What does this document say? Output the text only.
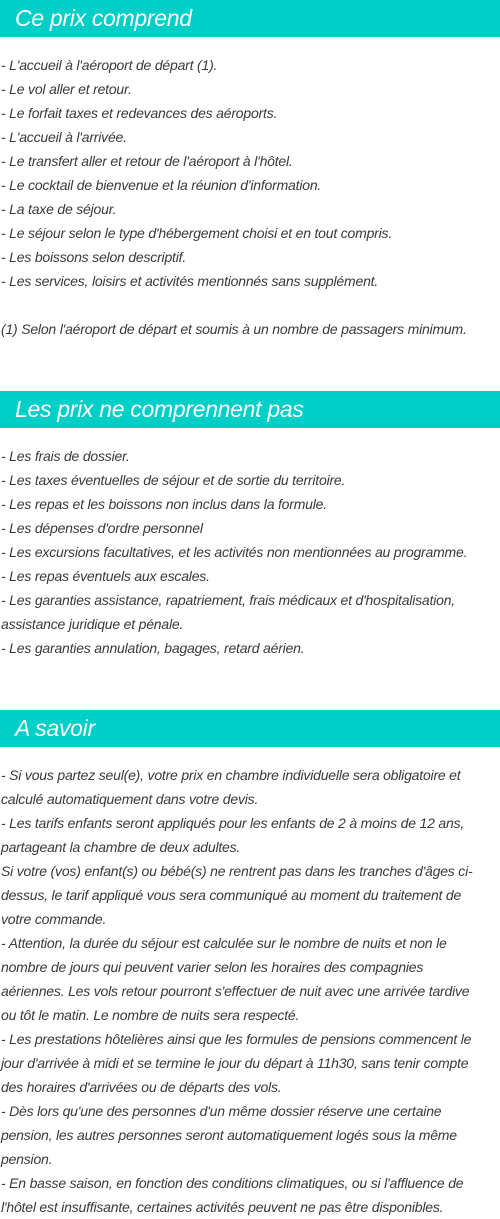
Ce prix comprend
- L'accueil à l'aéroport de départ (1).
- Le vol aller et retour.
- Le forfait taxes et redevances des aéroports.
- L'accueil à l'arrivée.
- Le transfert aller et retour de l'aéroport à l'hôtel.
- Le cocktail de bienvenue et la réunion d'information.
- La taxe de séjour.
- Le séjour selon le type d'hébergement choisi et en tout compris.
- Les boissons selon descriptif.
- Les services, loisirs et activités mentionnés sans supplément.
(1) Selon l'aéroport de départ et soumis à un nombre de passagers minimum.
Les prix ne comprennent pas
- Les frais de dossier.
- Les taxes éventuelles de séjour et de sortie du territoire.
- Les repas et les boissons non inclus dans la formule.
- Les dépenses d'ordre personnel
- Les excursions facultatives, et les activités non mentionnées au programme.
- Les repas éventuels aux escales.
- Les garanties assistance, rapatriement, frais médicaux et d'hospitalisation,
assistance juridique et pénale.
- Les garanties annulation, bagages, retard aérien.
A savoir
- Si vous partez seul(e), votre prix en chambre individuelle sera obligatoire et
calculé automatiquement dans votre devis.
- Les tarifs enfants seront appliqués pour les enfants de 2 à moins de 12 ans,
partageant la chambre de deux adultes.
Si votre (vos) enfant(s) ou bébé(s) ne rentrent pas dans les tranches d'âges ci-
dessus, le tarif appliqué vous sera communiqué au moment du traitement de
votre commande.
- Attention, la durée du séjour est calculée sur le nombre de nuits et non le
nombre de jours qui peuvent varier selon les horaires des compagnies
aériennes. Les vols retour pourront s'effectuer de nuit avec une arrivée tardive
ou tôt le matin. Le nombre de nuits sera respecté.
- Les prestations hôtelières ainsi que les formules de pensions commencent le
jour d'arrivée à midi et se termine le jour du départ à 11h30, sans tenir compte
des horaires d'arrivées ou de départs des vols.
- Dès lors qu'une des personnes d'un même dossier réserve une certaine
pension, les autres personnes seront automatiquement logés sous la même
pension.
- En basse saison, en fonction des conditions climatiques, ou si l'affluence de
l'hôtel est insuffisante, certaines activités peuvent ne pas être disponibles.
